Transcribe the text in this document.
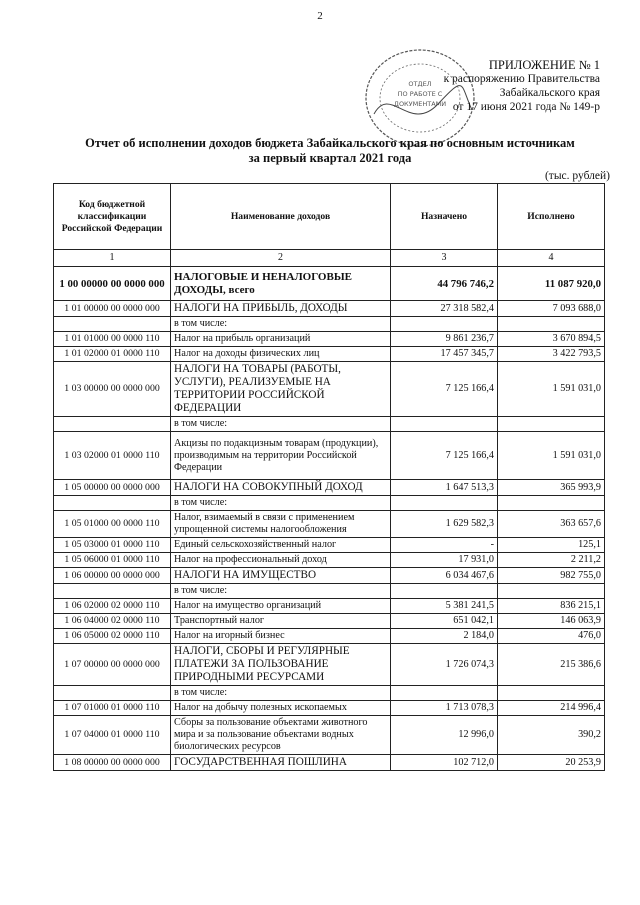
2
ОТДЕЛ
ПО РАБОТЕ С
ДОКУМЕНТАМИ
ПРИЛОЖЕНИЕ № 1
к распоряжению Правительства
Забайкальского края
от 17 июня 2021 года № 149-р
Отчет об исполнении доходов бюджета Забайкальского края по основным источникам
за первый квартал 2021 года
(тыс. рублей)
Код бюджетной классификации Российской Федерации	Наименование доходов	Назначено	Исполнено
1	2	3	4
1 00 00000 00 0000 000	НАЛОГОВЫЕ И НЕНАЛОГОВЫЕ ДОХОДЫ, всего	44 796 746,2	11 087 920,0
1 01 00000 00 0000 000	НАЛОГИ НА ПРИБЫЛЬ, ДОХОДЫ	27 318 582,4	7 093 688,0
	в том числе:		
1 01 01000 00 0000 110	Налог на прибыль организаций	9 861 236,7	3 670 894,5
1 01 02000 01 0000 110	Налог на доходы физических лиц	17 457 345,7	3 422 793,5
1 03 00000 00 0000 000	НАЛОГИ НА ТОВАРЫ (РАБОТЫ, УСЛУГИ), РЕАЛИЗУЕМЫЕ НА ТЕРРИТОРИИ РОССИЙСКОЙ ФЕДЕРАЦИИ	7 125 166,4	1 591 031,0
	в том числе:		
1 03 02000 01 0000 110	Акцизы по подакцизным товарам (продукции), производимым на территории Российской Федерации	7 125 166,4	1 591 031,0
1 05 00000 00 0000 000	НАЛОГИ НА СОВОКУПНЫЙ ДОХОД	1 647 513,3	365 993,9
	в том числе:		
1 05 01000 00 0000 110	Налог, взимаемый в связи с применением упрощенной системы налогообложения	1 629 582,3	363 657,6
1 05 03000 01 0000 110	Единый сельскохозяйственный налог	-	125,1
1 05 06000 01 0000 110	Налог на профессиональный доход	17 931,0	2 211,2
1 06 00000 00 0000 000	НАЛОГИ НА ИМУЩЕСТВО	6 034 467,6	982 755,0
	в том числе:		
1 06 02000 02 0000 110	Налог на имущество организаций	5 381 241,5	836 215,1
1 06 04000 02 0000 110	Транспортный налог	651 042,1	146 063,9
1 06 05000 02 0000 110	Налог на игорный бизнес	2 184,0	476,0
1 07 00000 00 0000 000	НАЛОГИ, СБОРЫ И РЕГУЛЯРНЫЕ ПЛАТЕЖИ ЗА ПОЛЬЗОВАНИЕ ПРИРОДНЫМИ РЕСУРСАМИ	1 726 074,3	215 386,6
	в том числе:		
1 07 01000 01 0000 110	Налог на добычу полезных ископаемых	1 713 078,3	214 996,4
1 07 04000 01 0000 110	Сборы за пользование объектами животного мира и за пользование объектами водных биологических ресурсов	12 996,0	390,2
1 08 00000 00 0000 000	ГОСУДАРСТВЕННАЯ ПОШЛИНА	102 712,0	20 253,9
